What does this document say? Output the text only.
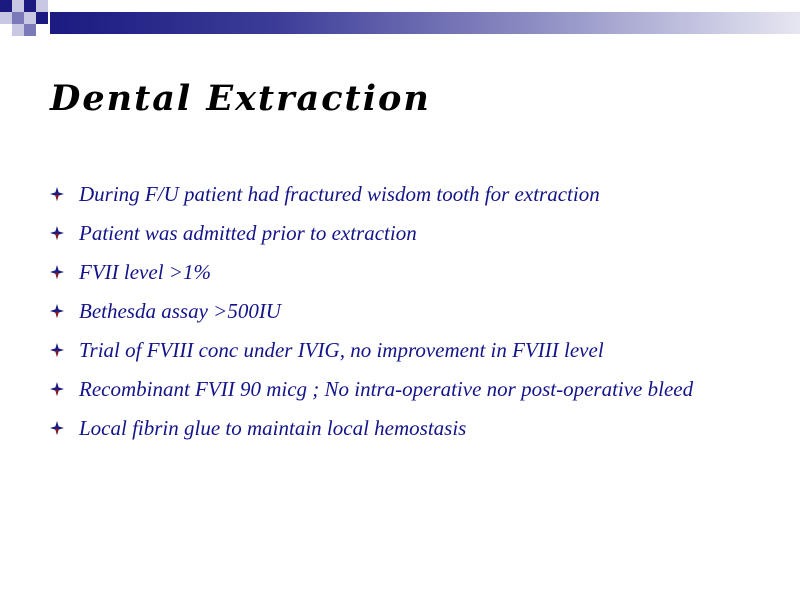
Dental Extraction
During F/U patient had fractured wisdom tooth for extraction
Patient was admitted prior to extraction
FVII level >1%
Bethesda assay >500IU
Trial of FVIII conc under IVIG, no improvement in FVIII level
Recombinant FVII 90 micg ; No intra-operative nor post-operative bleed
Local fibrin glue to maintain local hemostasis
